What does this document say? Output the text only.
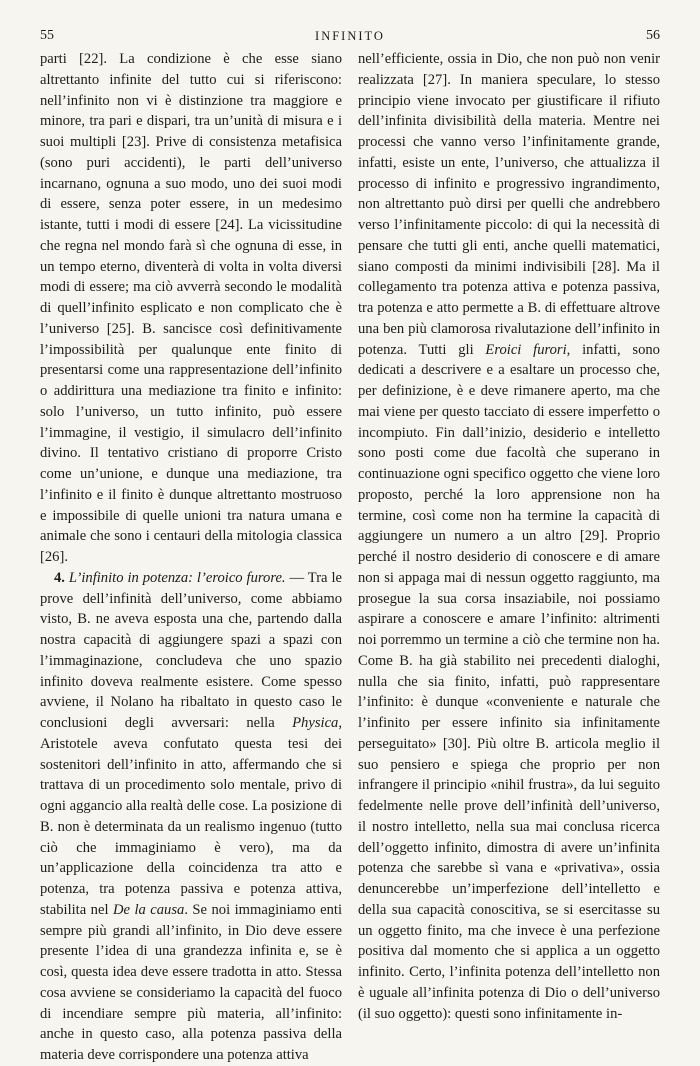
55	INFINITO	56

parti [22]. La condizione è che esse siano altrettanto infinite del tutto cui si riferiscono: nell’infinito non vi è distinzione tra maggiore e minore, tra pari e dispari, tra un’unità di misura e i suoi multipli [23]. Prive di consistenza metafisica (sono puri accidenti), le parti dell’universo incarnano, ognuna a suo modo, uno dei suoi modi di essere, senza poter essere, in un medesimo istante, tutti i modi di essere [24]. La vicissitudine che regna nel mondo farà sì che ognuna di esse, in un tempo eterno, diventerà di volta in volta diversi modi di essere; ma ciò avverrà secondo le modalità di quell’infinito esplicato e non complicato che è l’universo [25]. B. sancisce così definitivamente l’impossibilità per qualunque ente finito di presentarsi come una rappresentazione dell’infinito o addirittura una mediazione tra finito e infinito: solo l’universo, un tutto infinito, può essere l’immagine, il vestigio, il simulacro dell’infinito divino. Il tentativo cristiano di proporre Cristo come un’unione, e dunque una mediazione, tra l’infinito e il finito è dunque altrettanto mostruoso e impossibile di quelle unioni tra natura umana e animale che sono i centauri della mitologia classica [26].

4. L’infinito in potenza: l’eroico furore. — Tra le prove dell’infinità dell’universo, come abbiamo visto, B. ne aveva esposta una che, partendo dalla nostra capacità di aggiungere spazi a spazi con l’immaginazione, concludeva che uno spazio infinito doveva realmente esistere. Come spesso avviene, il Nolano ha ribaltato in questo caso le conclusioni degli avversari: nella Physica, Aristotele aveva confutato questa tesi dei sostenitori dell’infinito in atto, affermando che si trattava di un procedimento solo mentale, privo di ogni aggancio alla realtà delle cose. La posizione di B. non è determinata da un realismo ingenuo (tutto ciò che immaginiamo è vero), ma da un’applicazione della coincidenza tra atto e potenza, tra potenza passiva e potenza attiva, stabilita nel De la causa. Se noi immaginiamo enti sempre più grandi all’infinito, in Dio deve essere presente l’idea di una grandezza infinita e, se è così, questa idea deve essere tradotta in atto. Stessa cosa avviene se consideriamo la capacità del fuoco di incendiare sempre più materia, all’infinito: anche in questo caso, alla potenza passiva della materia deve corrispondere una potenza attiva

nell’efficiente, ossia in Dio, che non può non venir realizzata [27]. In maniera speculare, lo stesso principio viene invocato per giustificare il rifiuto dell’infinita divisibilità della materia. Mentre nei processi che vanno verso l’infinitamente grande, infatti, esiste un ente, l’universo, che attualizza il processo di infinito e progressivo ingrandimento, non altrettanto può dirsi per quelli che andrebbero verso l’infinitamente piccolo: di qui la necessità di pensare che tutti gli enti, anche quelli matematici, siano composti da minimi indivisibili [28]. Ma il collegamento tra potenza attiva e potenza passiva, tra potenza e atto permette a B. di effettuare altrove una ben più clamorosa rivalutazione dell’infinito in potenza. Tutti gli Eroici furori, infatti, sono dedicati a descrivere e a esaltare un processo che, per definizione, è e deve rimanere aperto, ma che mai viene per questo tacciato di essere imperfetto o incompiuto. Fin dall’inizio, desiderio e intelletto sono posti come due facoltà che superano in continuazione ogni specifico oggetto che viene loro proposto, perché la loro apprensione non ha termine, così come non ha termine la capacità di aggiungere un numero a un altro [29]. Proprio perché il nostro desiderio di conoscere e di amare non si appaga mai di nessun oggetto raggiunto, ma prosegue la sua corsa insaziabile, noi possiamo aspirare a conoscere e amare l’infinito: altrimenti noi porremmo un termine a ciò che termine non ha. Come B. ha già stabilito nei precedenti dialoghi, nulla che sia finito, infatti, può rappresentare l’infinito: è dunque «conveniente e naturale che l’infinito per essere infinito sia infinitamente perseguitato» [30]. Più oltre B. articola meglio il suo pensiero e spiega che proprio per non infrangere il principio «nihil frustra», da lui seguito fedelmente nelle prove dell’infinità dell’universo, il nostro intelletto, nella sua mai conclusa ricerca dell’oggetto infinito, dimostra di avere un’infinita potenza che sarebbe sì vana e «privativa», ossia denuncerebbe un’imperfezione dell’intelletto e della sua capacità conoscitiva, se si esercitasse su un oggetto finito, ma che invece è una perfezione positiva dal momento che si applica a un oggetto infinito. Certo, l’infinita potenza dell’intelletto non è uguale all’infinita potenza di Dio o dell’universo (il suo oggetto): questi sono infinitamente in-
